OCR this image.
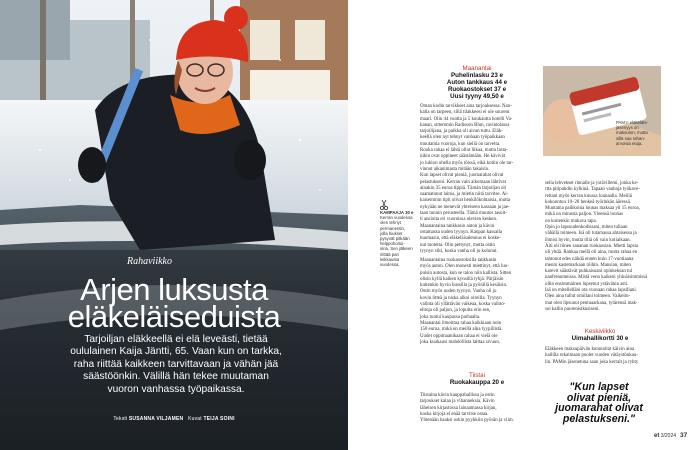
Rahaviikko
Arjen luksusta
eläkeläiseduista
Tarjoiljan eläkkeellä ei elä leveästi, tietää
oululainen Kaija Jäntti, 65. Vaan kun on tarkka,
raha riittää kaikkeen tarvittavaan ja vähän jää
säästöönkin. Välillä hän tekee muutaman
vuoron vanhassa työpaikassa.
Teksti SUSANNA VILJAMEN Kuvat TEIJA SOINI
Maanantai
Puhelinlasku 23 e
Auton tankkaus 44 e
Ruokaostokset 37 e
Uusi tyyny 49,50 e
Oman kodin tarvikkeet aina tarjouksessa. Nan-
kalla on tarpeen, sillä tilakkeesi ei ole suurem
maari. Olin 44 vuotta ja 5 kuukautta hotelli Va-
kanan, sittemmin Radisson Blun, ravintolassa
tarjoilijana, ja paikka oli aivan tuttu. Eläk-
keellä olen nyt tehnyt vanhaan työpaikkaan
muutamia vuoroja, kun siellä on tarvetta.
Rooka rahaa ei lähtä ollut liikaa, mutta lasta-
nikin ovat oppineet säästämään. He kävivät
jo lukion ohella myös töissä, eikä kotiin ole tar-
vinnut aikanimasta mitään takaisin.
Kun lapset olivat pieniä, juomarahat olivat
pelastukseni. Kerran vain aikomaan lähtivat
ainakin 35 euroa tippiä. Tämän tarjoiljan oli
saamatonut laitoa, ja mietin niitä tarvitse. Ai-
kaisemmin tipit olivat henkilökohtaisia, mutta
nykyään ne menevät yhteiseen kassaan ja jae-
taan tunnin perusteella. Tämä muutos tasoit-
ti ansioita eri vuoroissa olevien kesken.
Maanantaina tankkasin auton ja kävin
ostamassa uuden tyynyn. Kaupan kassalla
huomasin, että eläkeläisalennus ei koske-
nut tuotetta. Olin pettynyt, mutta ostin
tyynyn silti, koska vanha oli jo kulunut.
Maanantaina ruokaostoksilla tankkasin
myös auton. Olen monesti miettinyt, että luo-
puisin autosta, kun se taloo niin kallista. Sitten
olisin kyllä kaiken kynsillä tyhjä. Pärjäisin
kuitenkin hyvin bussilla ja pyörällä kesäisin.
Ostin myös uuden tyynyn. Vanha oli jo
kovin litteä ja niska alkoi oireilla. Tyynyn
valinta oli yllättävän vaikeaa, koska vaihto-
ehtoja oli paljon, ja lopulta otin sen,
joka tuntui kaupassa parhaalta.
Maanantai ilmoittaa rahaa kaikkiaan noin
150 euroa, mikä on meillä aika tyypillistä.
Uudet oppimaanikaan rahaa ei vielä ole
joka kuukausi mahdollista laittaa sivuun.
Tiistai
Ruokakauppa 20 e
Tiistaina kävin kauppahallissa ja ostin
tarjoukset kalaa ja vihanneksia. Kävin
läheisen kirjastossa lainaamassa kirjan,
koska kirjoja ei enää tarvitse ostaa.
Yhtenään haaksi oskin pyykkiin pyörän ja viim.
KAMPAAJA 30 e
Kerran vuodessa
olen tehnyt
permanentin,
jolla hiukset
pysyvät pitkään
helppohoitoi-
sina. Sen jälkeen
riittää pari
leikkausta
vuodessa.
PAM:n eläkeläis-
jäsenyys on
maksuton, mutta
sillä saa rahan-
arvoisia etuja.
sella lehvekset rinnalle ja ystävillemi, jonka ke-
rtta pitipahdin kylkinä. Tapaan vanhoja työkave-
reitani myös kerran kuussa lounaalla. Meillä
kokoontuu 10–20 henkeä työrinkän ääressä.
Muutama paikkoina lounas maksaa yli 15 euroa,
mikä on minusta paljon. Yleensä lounas
on kuitenkin mukava tapa.
Opin jo lapsuudenkodissani, miten tullaan
vähällä toimeen. Isä oli tutamassa ahtaisessa ja
ihmisi hyvin, mutta tiliä oli vain kotiaikaan.
Äiti oli tiinen sananan ruokaosian. Mietti lapsia
oli yhdä. Rankaa mellä oli aina, mutta rahaa en
tahtonut edes nähdä ennen kuin 17-vuotiaana
menin kastemarkaan töihin. Mansian, miten
karevit säästävät puhkaisuani opinkeksan tul
nanfrenumeissa. Mistä venn kaikeni yhinäisimmissä
ollin ensimmäinen lupsenut ystävänin asti.
Isä on mitellelläni ota vuosaan rahaa lapsillani.
Olen aina tullut omillani toimeen. Vaikeim-
mat olen lipsunut pentuaarkana, tytärensä mak-
soi kallin puurenistkusiseni.
Keskiviikko
Uimahallikortti 30 e
Eläkkeen maksupäivän kunnioitat käivin aina
hallilla rekaimaan puolet vuoden vätäystönkau-
lin. PAMin jäsenetuna saan joka kerralt ja ryhty
"Kun lapset
olivat pieniä,
juomarahat olivat
pelastukseni."
et 3/2024 37
